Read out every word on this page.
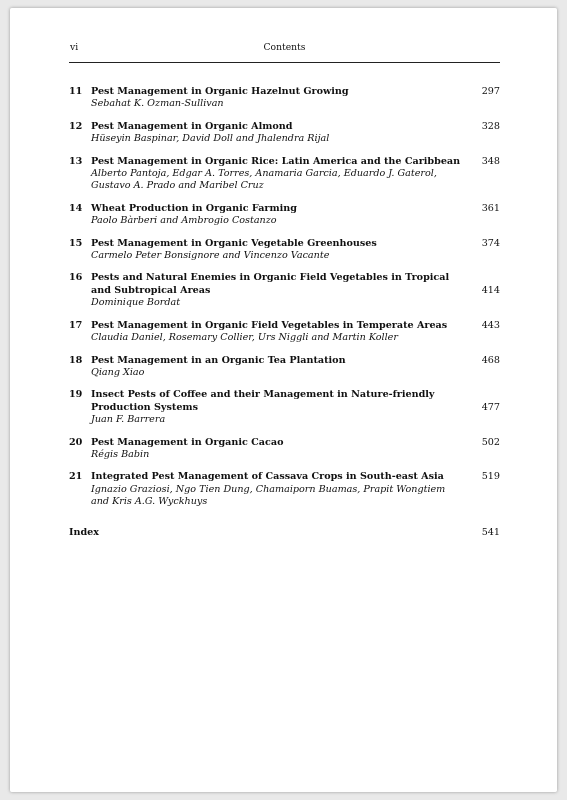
vi	Contents
11 Pest Management in Organic Hazelnut Growing
Sebahat K. Ozman-Sullivan
297
12 Pest Management in Organic Almond
Hüseyin Baspinar, David Doll and Jhalendra Rijal
328
13 Pest Management in Organic Rice: Latin America and the Caribbean
Alberto Pantoja, Edgar A. Torres, Anamaria Garcia, Eduardo J. Gaterol, Gustavo A. Prado and Maribel Cruz
348
14 Wheat Production in Organic Farming
Paolo Bàrberi and Ambrogio Costanzo
361
15 Pest Management in Organic Vegetable Greenhouses
Carmelo Peter Bonsignore and Vincenzo Vacante
374
16 Pests and Natural Enemies in Organic Field Vegetables in Tropical and Subtropical Areas
Dominique Bordat
414
17 Pest Management in Organic Field Vegetables in Temperate Areas
Claudia Daniel, Rosemary Collier, Urs Niggli and Martin Koller
443
18 Pest Management in an Organic Tea Plantation
Qiang Xiao
468
19 Insect Pests of Coffee and their Management in Nature-friendly Production Systems
Juan F. Barrera
477
20 Pest Management in Organic Cacao
Régis Babin
502
21 Integrated Pest Management of Cassava Crops in South-east Asia
Ignazio Graziosi, Ngo Tien Dung, Chamaiporn Buamas, Prapit Wongtiem and Kris A.G. Wyckhuys
519
Index	541
